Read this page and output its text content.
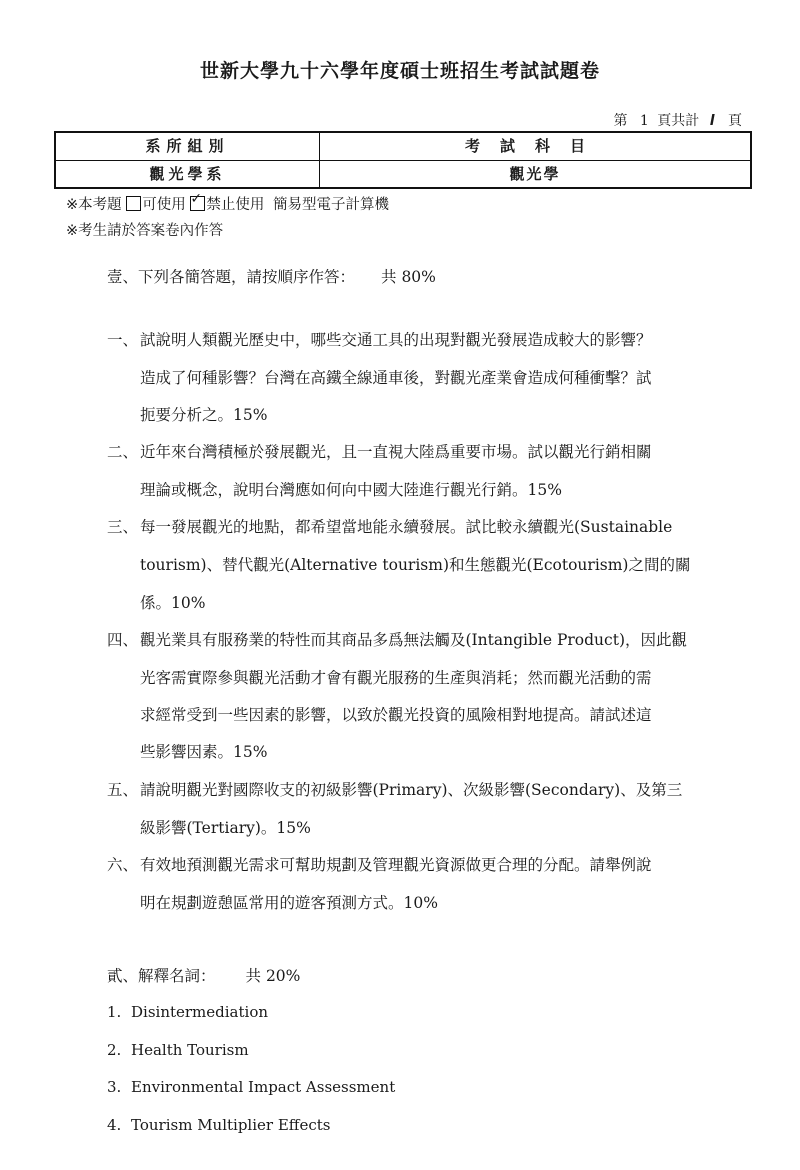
世新大學九十六學年度碩士班招生考試試題卷
第 1 頁共計 l 頁
系所組別	考試科目
觀光學系	觀光學
※本考題 可使用 ✓ 禁止使用 簡易型電子計算機
※考生請於答案卷內作答
壹、下列各簡答題，請按順序作答： 共 80%
一、 試說明人類觀光歷史中，哪些交通工具的出現對觀光發展造成較大的影響？
造成了何種影響？台灣在高鐵全線通車後，對觀光產業會造成何種衝擊？試
扼要分析之。15%
二、 近年來台灣積極於發展觀光，且一直視大陸爲重要市場。試以觀光行銷相關
理論或概念，說明台灣應如何向中國大陸進行觀光行銷。15%
三、 每一發展觀光的地點，都希望當地能永續發展。試比較永續觀光(Sustainable
tourism)、替代觀光(Alternative tourism)和生態觀光(Ecotourism)之間的關
係。10%
四、 觀光業具有服務業的特性而其商品多爲無法觸及(Intangible Product)，因此觀
光客需實際參與觀光活動才會有觀光服務的生產與消耗；然而觀光活動的需
求經常受到一些因素的影響，以致於觀光投資的風險相對地提高。請試述這
些影響因素。15%
五、 請說明觀光對國際收支的初級影響(Primary)、次級影響(Secondary)、及第三
級影響(Tertiary)。15%
六、 有效地預測觀光需求可幫助規劃及管理觀光資源做更合理的分配。請舉例說
明在規劃遊憩區常用的遊客預測方式。10%
貳、解釋名詞： 共 20%
1. Disintermediation
2. Health Tourism
3. Environmental Impact Assessment
4. Tourism Multiplier Effects
